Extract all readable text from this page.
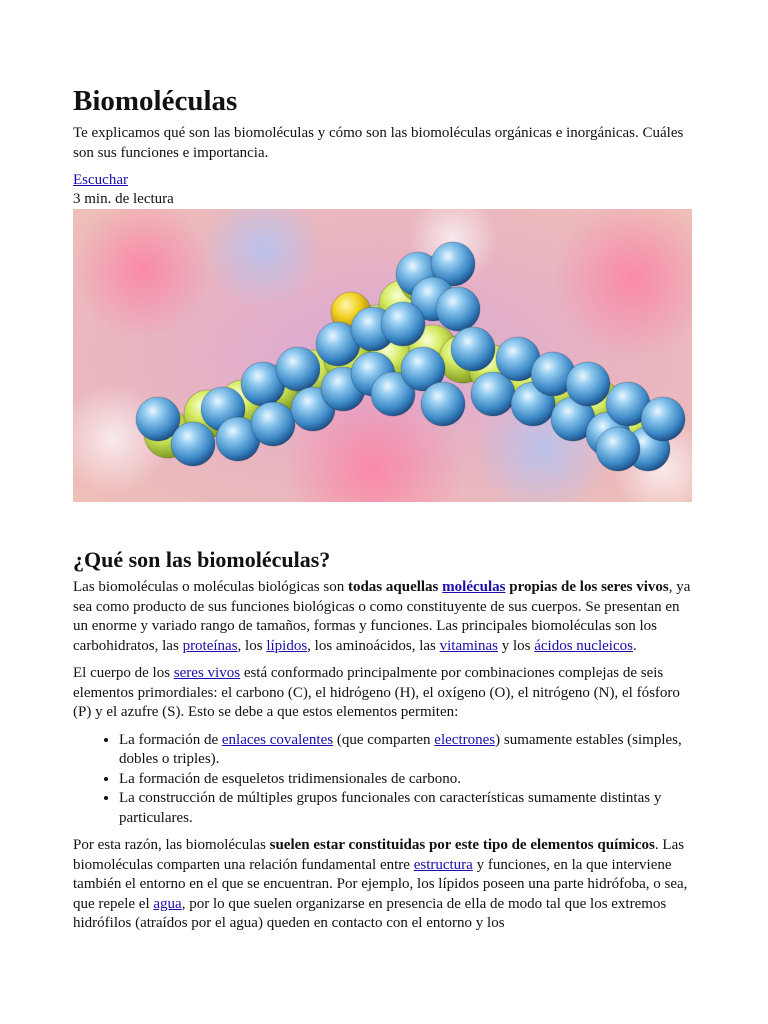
Biomoléculas

Te explicamos qué son las biomoléculas y cómo son las biomoléculas orgánicas e inorgánicas. Cuáles son sus funciones e importancia.

Escuchar

3 min. de lectura

¿Qué son las biomoléculas?

Las biomoléculas o moléculas biológicas son todas aquellas moléculas propias de los seres vivos, ya sea como producto de sus funciones biológicas o como constituyente de sus cuerpos. Se presentan en un enorme y variado rango de tamaños, formas y funciones. Las principales biomoléculas son los carbohidratos, las proteínas, los lípidos, los aminoácidos, las vitaminas y los ácidos nucleicos.

El cuerpo de los seres vivos está conformado principalmente por combinaciones complejas de seis elementos primordiales: el carbono (C), el hidrógeno (H), el oxígeno (O), el nitrógeno (N), el fósforo (P) y el azufre (S). Esto se debe a que estos elementos permiten:

• La formación de enlaces covalentes (que comparten electrones) sumamente estables (simples, dobles o triples).
• La formación de esqueletos tridimensionales de carbono.
• La construcción de múltiples grupos funcionales con características sumamente distintas y particulares.

Por esta razón, las biomoléculas suelen estar constituidas por este tipo de elementos químicos. Las biomoléculas comparten una relación fundamental entre estructura y funciones, en la que interviene también el entorno en el que se encuentran. Por ejemplo, los lípidos poseen una parte hidrófoba, o sea, que repele el agua, por lo que suelen organizarse en presencia de ella de modo tal que los extremos hidrófilos (atraídos por el agua) queden en contacto con el entorno y los
